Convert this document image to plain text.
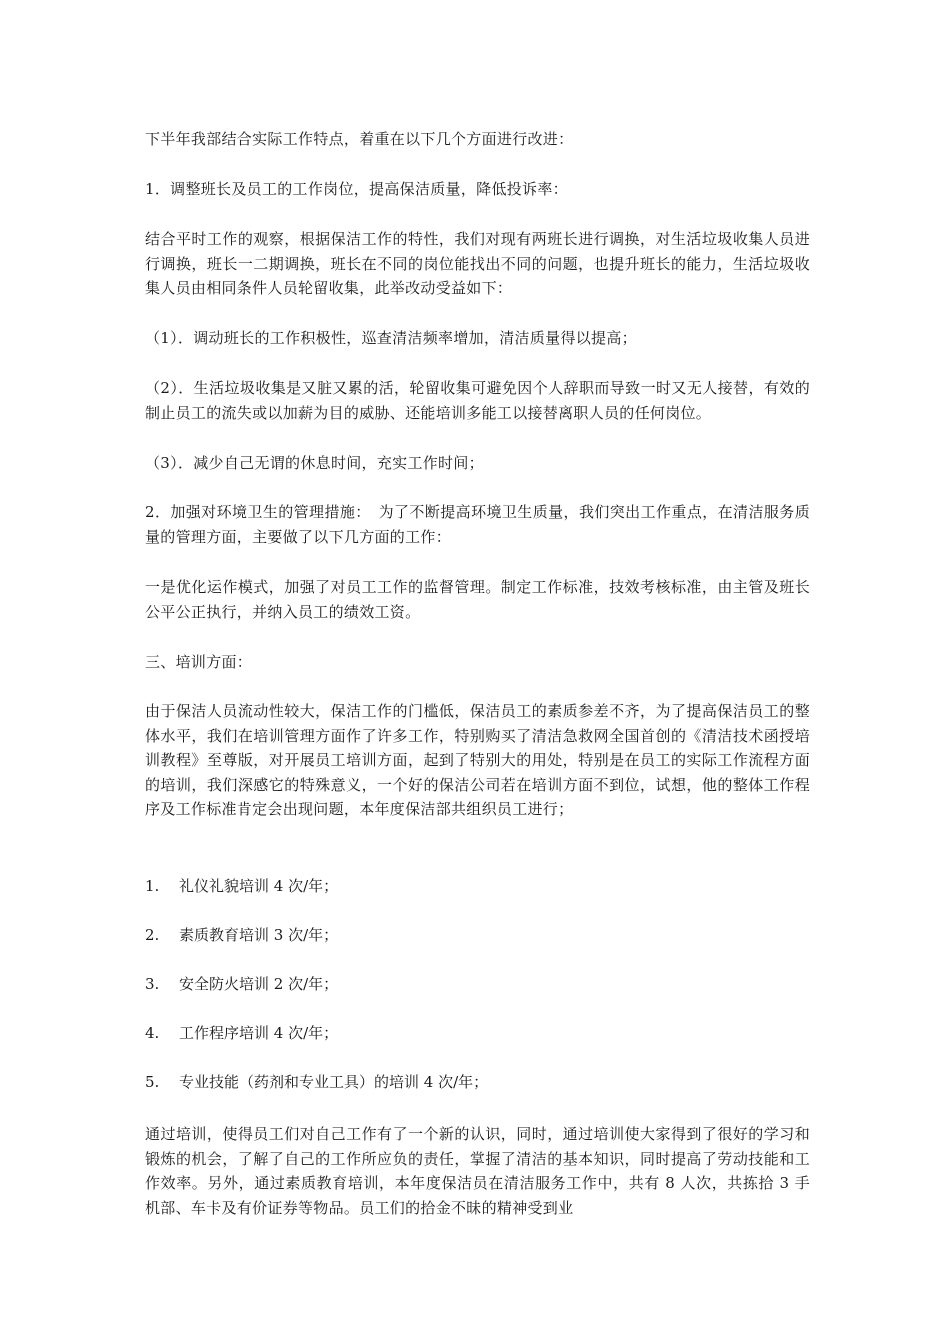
下半年我部结合实际工作特点，着重在以下几个方面进行改进：

1．调整班长及员工的工作岗位，提高保洁质量，降低投诉率：

结合平时工作的观察，根据保洁工作的特性，我们对现有两班长进行调换，对生活垃圾收集人员进行调换，班长一二期调换，班长在不同的岗位能找出不同的问题，也提升班长的能力，生活垃圾收集人员由相同条件人员轮留收集，此举改动受益如下：

（1）．调动班长的工作积极性，巡查清洁频率增加，清洁质量得以提高；

（2）．生活垃圾收集是又脏又累的活，轮留收集可避免因个人辞职而导致一时又无人接替，有效的制止员工的流失或以加薪为目的威胁、还能培训多能工以接替离职人员的任何岗位。

（3）．减少自己无谓的休息时间，充实工作时间；

2．加强对环境卫生的管理措施：　为了不断提高环境卫生质量，我们突出工作重点，在清洁服务质量的管理方面，主要做了以下几方面的工作：

一是优化运作模式，加强了对员工工作的监督管理。制定工作标准，技效考核标准，由主管及班长公平公正执行，并纳入员工的绩效工资。

三、培训方面：

由于保洁人员流动性较大，保洁工作的门槛低，保洁员工的素质参差不齐，为了提高保洁员工的整体水平，我们在培训管理方面作了许多工作，特别购买了清洁急救网全国首创的《清洁技术函授培训教程》至尊版，对开展员工培训方面，起到了特别大的用处，特别是在员工的实际工作流程方面的培训，我们深感它的特殊意义，一个好的保洁公司若在培训方面不到位，试想，他的整体工作程序及工作标准肯定会出现问题，本年度保洁部共组织员工进行；

1.	礼仪礼貌培训 4 次/年；
2.	素质教育培训 3 次/年；
3.	安全防火培训 2 次/年；
4.	工作程序培训 4 次/年；
5.	专业技能（药剂和专业工具）的培训 4 次/年；

通过培训，使得员工们对自己工作有了一个新的认识，同时，通过培训使大家得到了很好的学习和锻炼的机会，了解了自己的工作所应负的责任，掌握了清洁的基本知识，同时提高了劳动技能和工作效率。另外，通过素质教育培训，本年度保洁员在清洁服务工作中，共有 8 人次，共拣拾 3 手机部、车卡及有价证券等物品。员工们的拾金不昧的精神受到业
